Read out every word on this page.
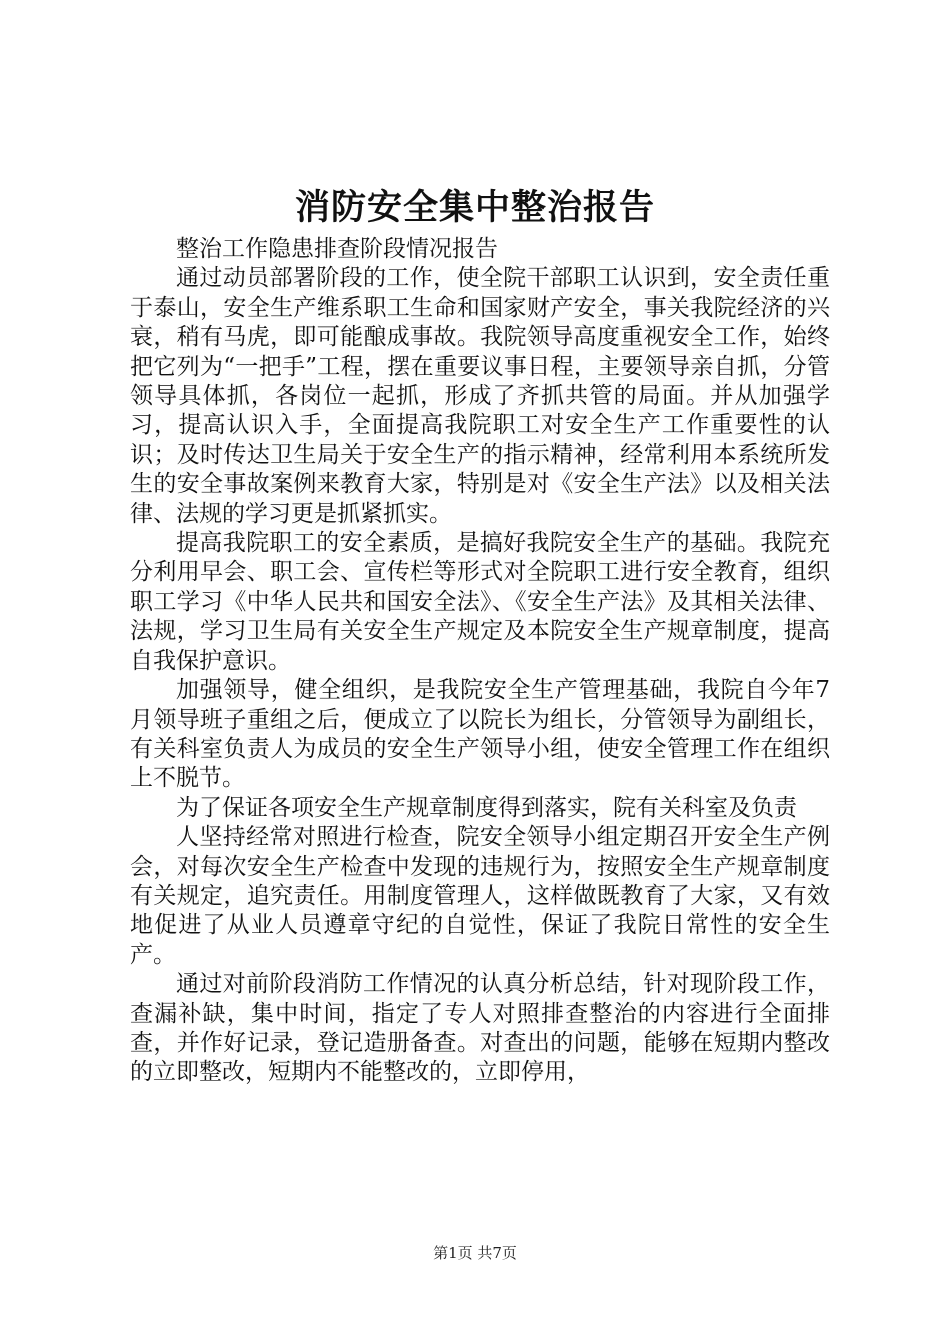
消防安全集中整治报告

整治工作隐患排查阶段情况报告

通过动员部署阶段的工作，使全院干部职工认识到，安全责任重于泰山，安全生产维系职工生命和国家财产安全，事关我院经济的兴衰，稍有马虎，即可能酿成事故。我院领导高度重视安全工作，始终把它列为“一把手”工程，摆在重要议事日程，主要领导亲自抓，分管领导具体抓，各岗位一起抓，形成了齐抓共管的局面。并从加强学习，提高认识入手，全面提高我院职工对安全生产工作重要性的认识；及时传达卫生局关于安全生产的指示精神，经常利用本系统所发生的安全事故案例来教育大家，特别是对《安全生产法》以及相关法律、法规的学习更是抓紧抓实。

提高我院职工的安全素质，是搞好我院安全生产的基础。我院充分利用早会、职工会、宣传栏等形式对全院职工进行安全教育，组织职工学习《中华人民共和国安全法》、《安全生产法》及其相关法律、法规，学习卫生局有关安全生产规定及本院安全生产规章制度，提高自我保护意识。

加强领导，健全组织，是我院安全生产管理基础，我院自今年7月领导班子重组之后，便成立了以院长为组长，分管领导为副组长，有关科室负责人为成员的安全生产领导小组，使安全管理工作在组织上不脱节。

为了保证各项安全生产规章制度得到落实，院有关科室及负责

人坚持经常对照进行检查，院安全领导小组定期召开安全生产例会，对每次安全生产检查中发现的违规行为，按照安全生产规章制度有关规定，追究责任。用制度管理人，这样做既教育了大家，又有效地促进了从业人员遵章守纪的自觉性，保证了我院日常性的安全生产。

通过对前阶段消防工作情况的认真分析总结，针对现阶段工作，查漏补缺，集中时间，指定了专人对照排查整治的内容进行全面排查，并作好记录，登记造册备查。对查出的问题，能够在短期内整改的立即整改，短期内不能整改的，立即停用，

第1页 共7页
